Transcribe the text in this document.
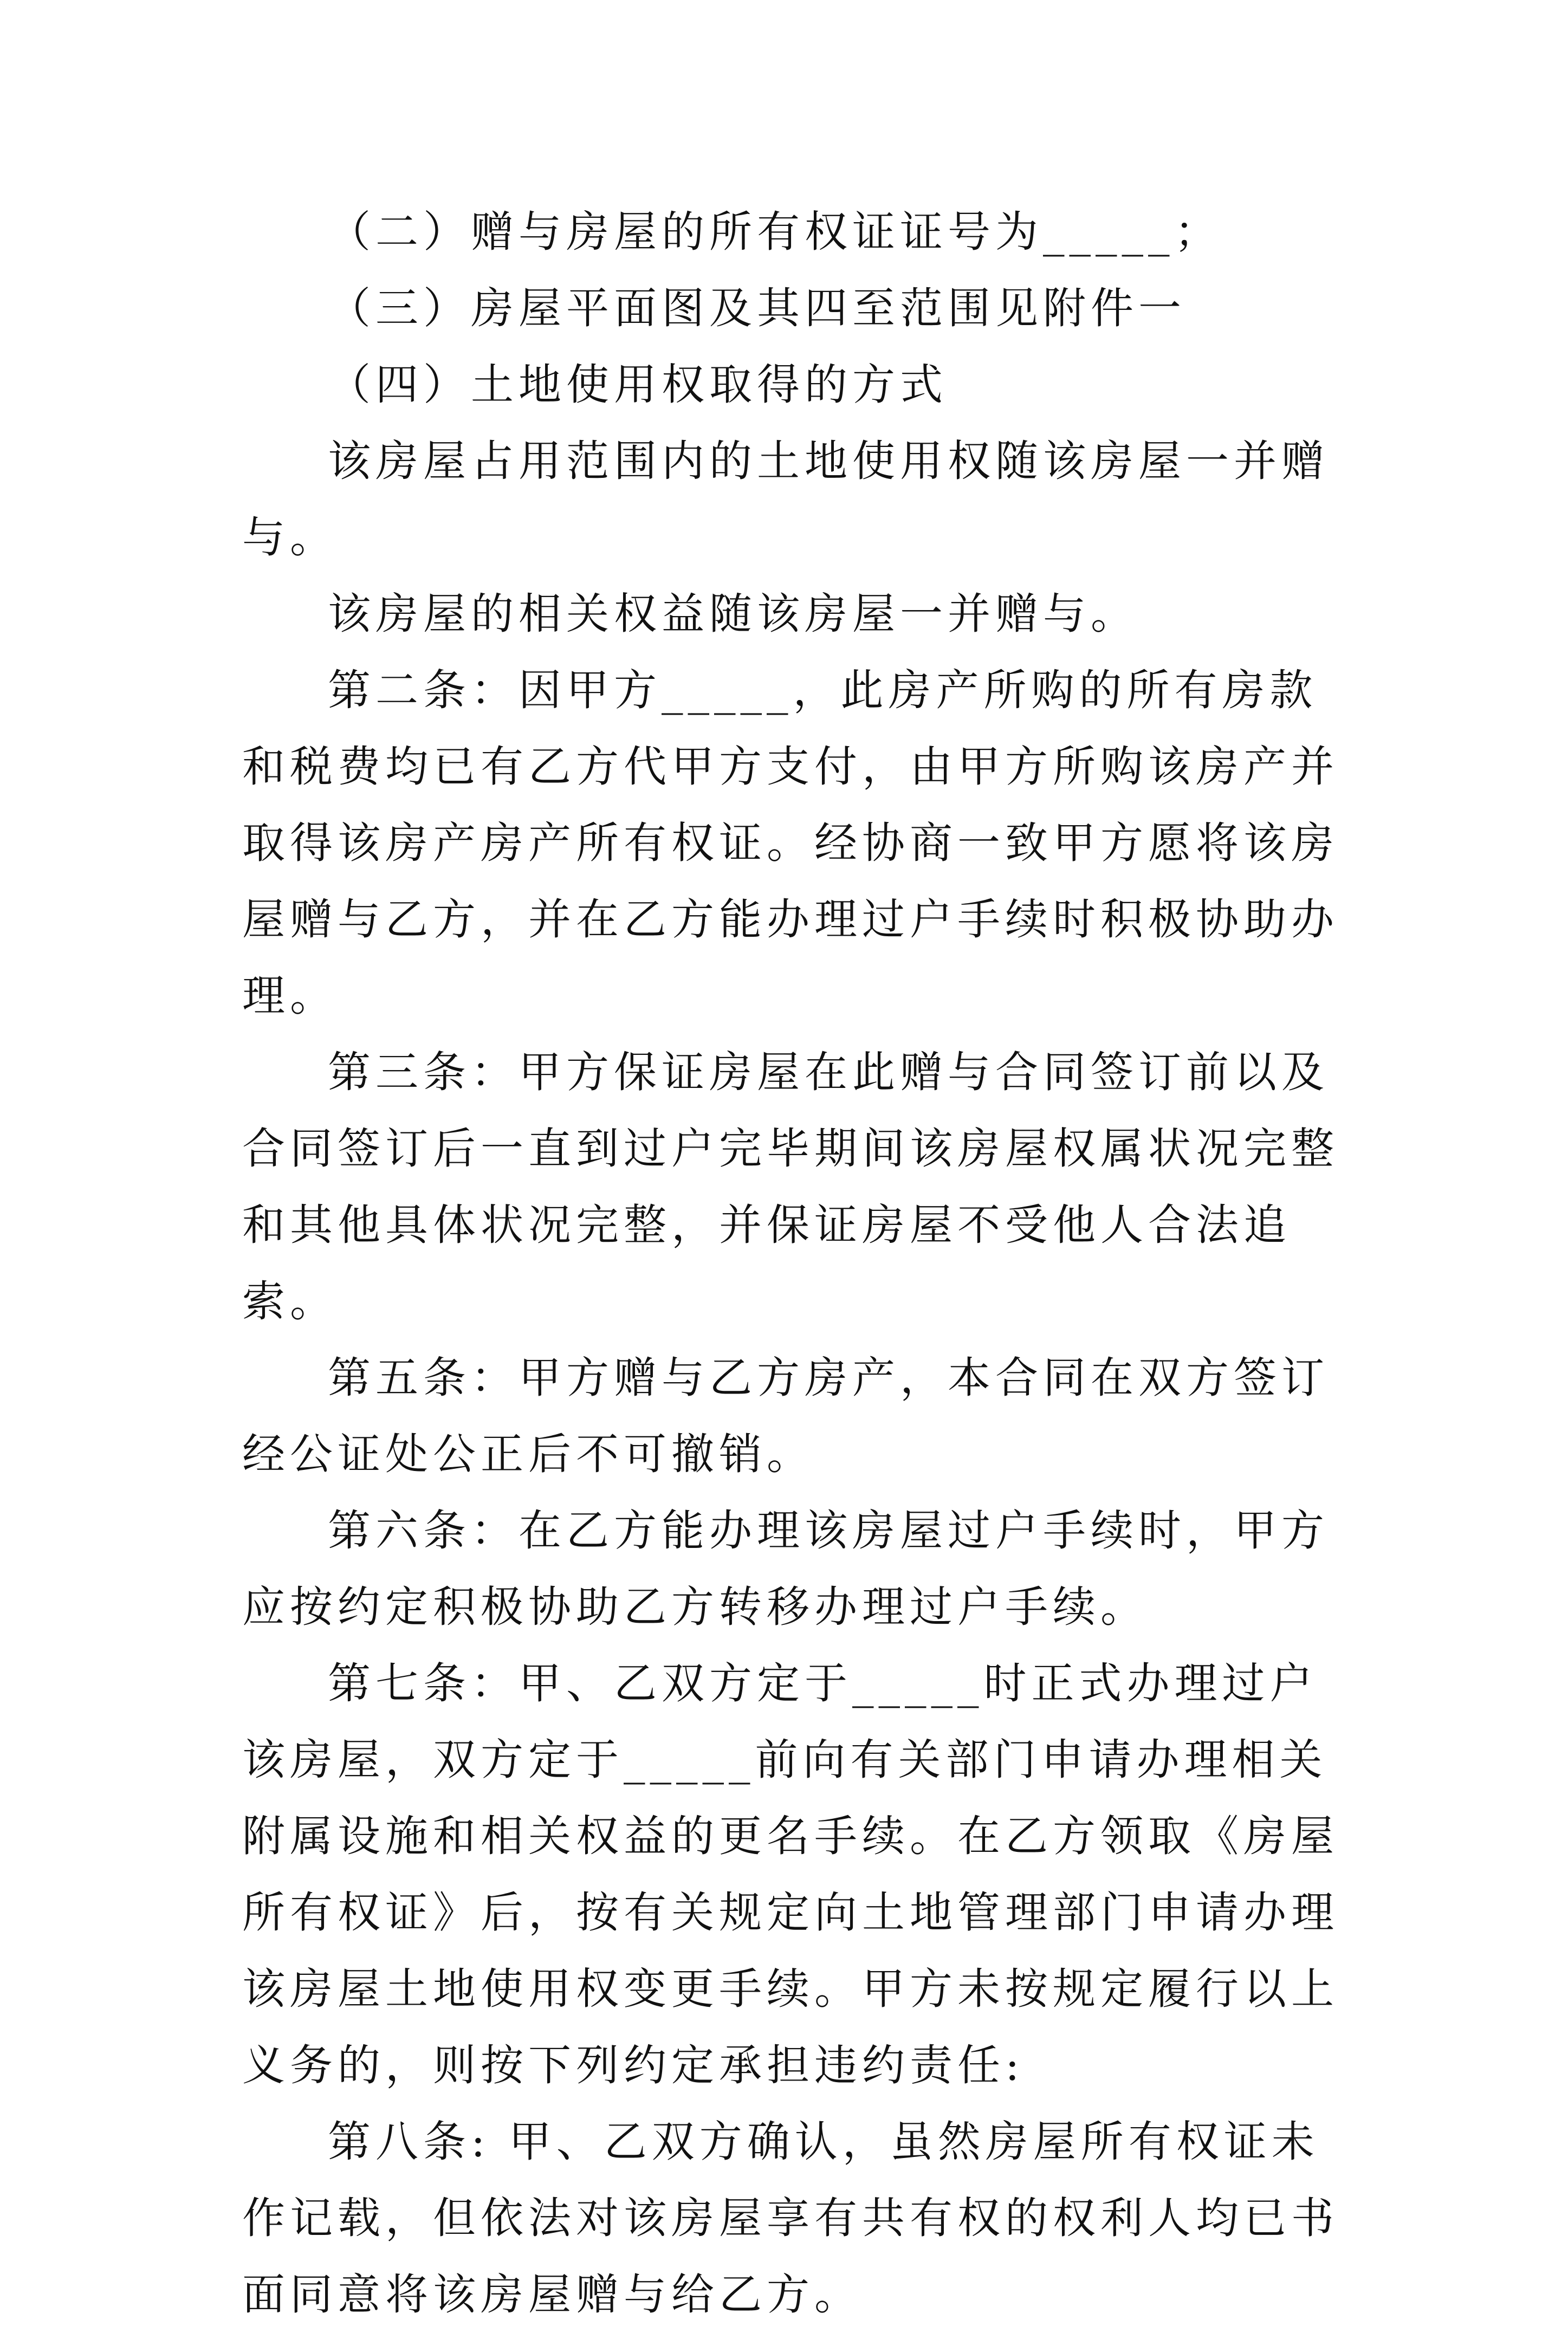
（二）赠与房屋的所有权证证号为_____；

（三）房屋平面图及其四至范围见附件一

（四）土地使用权取得的方式

该房屋占用范围内的土地使用权随该房屋一并赠与。

该房屋的相关权益随该房屋一并赠与。

第二条：因甲方_____，此房产所购的所有房款和税费均已有乙方代甲方支付，由甲方所购该房产并取得该房产房产所有权证。经协商一致甲方愿将该房屋赠与乙方，并在乙方能办理过户手续时积极协助办理。

第三条：甲方保证房屋在此赠与合同签订前以及合同签订后一直到过户完毕期间该房屋权属状况完整和其他具体状况完整，并保证房屋不受他人合法追索。

第五条：甲方赠与乙方房产，本合同在双方签订经公证处公正后不可撤销。

第六条：在乙方能办理该房屋过户手续时，甲方应按约定积极协助乙方转移办理过户手续。

第七条：甲、乙双方定于_____时正式办理过户该房屋，双方定于_____前向有关部门申请办理相关附属设施和相关权益的更名手续。在乙方领取《房屋所有权证》后，按有关规定向土地管理部门申请办理该房屋土地使用权变更手续。甲方未按规定履行以上义务的，则按下列约定承担违约责任:

第八条: 甲、乙双方确认，虽然房屋所有权证未作记载，但依法对该房屋享有共有权的权利人均已书面同意将该房屋赠与给乙方。
